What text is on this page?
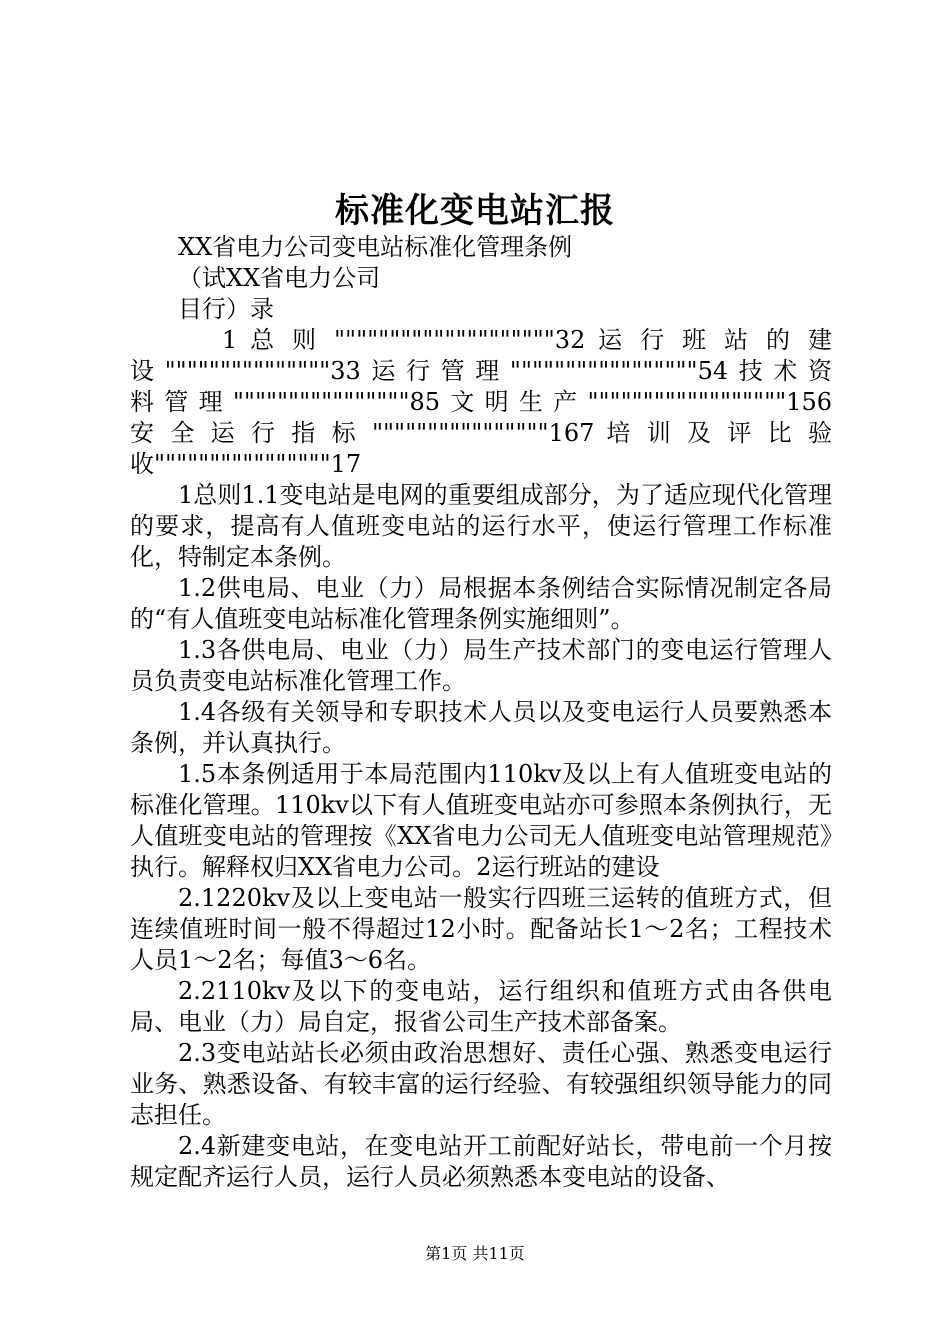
标准化变电站汇报
XX省电力公司变电站标准化管理条例
（试XX省电力公司
目行）录
1 总 则 """"""""""""""""""""32 运 行 班 站 的 建
设"""""""""""""""33运行管理"""""""""""""""""54技术资
料管理""""""""""""""""85文明生产""""""""""""""""""156
安 全 运 行 指 标 """"""""""""""""167 培 训 及 评 比 验
收""""""""""""""""17
1总则1.1变电站是电网的重要组成部分，为了适应现代化管理的要求，提高有人值班变电站的运行水平，使运行管理工作标准化，特制定本条例。
1.2供电局、电业（力）局根据本条例结合实际情况制定各局的“有人值班变电站标准化管理条例实施细则”。
1.3各供电局、电业（力）局生产技术部门的变电运行管理人员负责变电站标准化管理工作。
1.4各级有关领导和专职技术人员以及变电运行人员要熟悉本条例，并认真执行。
1.5本条例适用于本局范围内110kv及以上有人值班变电站的标准化管理。110kv以下有人值班变电站亦可参照本条例执行，无人值班变电站的管理按《XX省电力公司无人值班变电站管理规范》执行。解释权归XX省电力公司。2运行班站的建设
2.1220kv及以上变电站一般实行四班三运转的值班方式，但连续值班时间一般不得超过12小时。配备站长1～2名；工程技术人员1～2名；每值3～6名。
2.2110kv及以下的变电站，运行组织和值班方式由各供电局、电业（力）局自定，报省公司生产技术部备案。
2.3变电站站长必须由政治思想好、责任心强、熟悉变电运行业务、熟悉设备、有较丰富的运行经验、有较强组织领导能力的同志担任。
2.4新建变电站，在变电站开工前配好站长，带电前一个月按规定配齐运行人员，运行人员必须熟悉本变电站的设备、
第1页 共11页
